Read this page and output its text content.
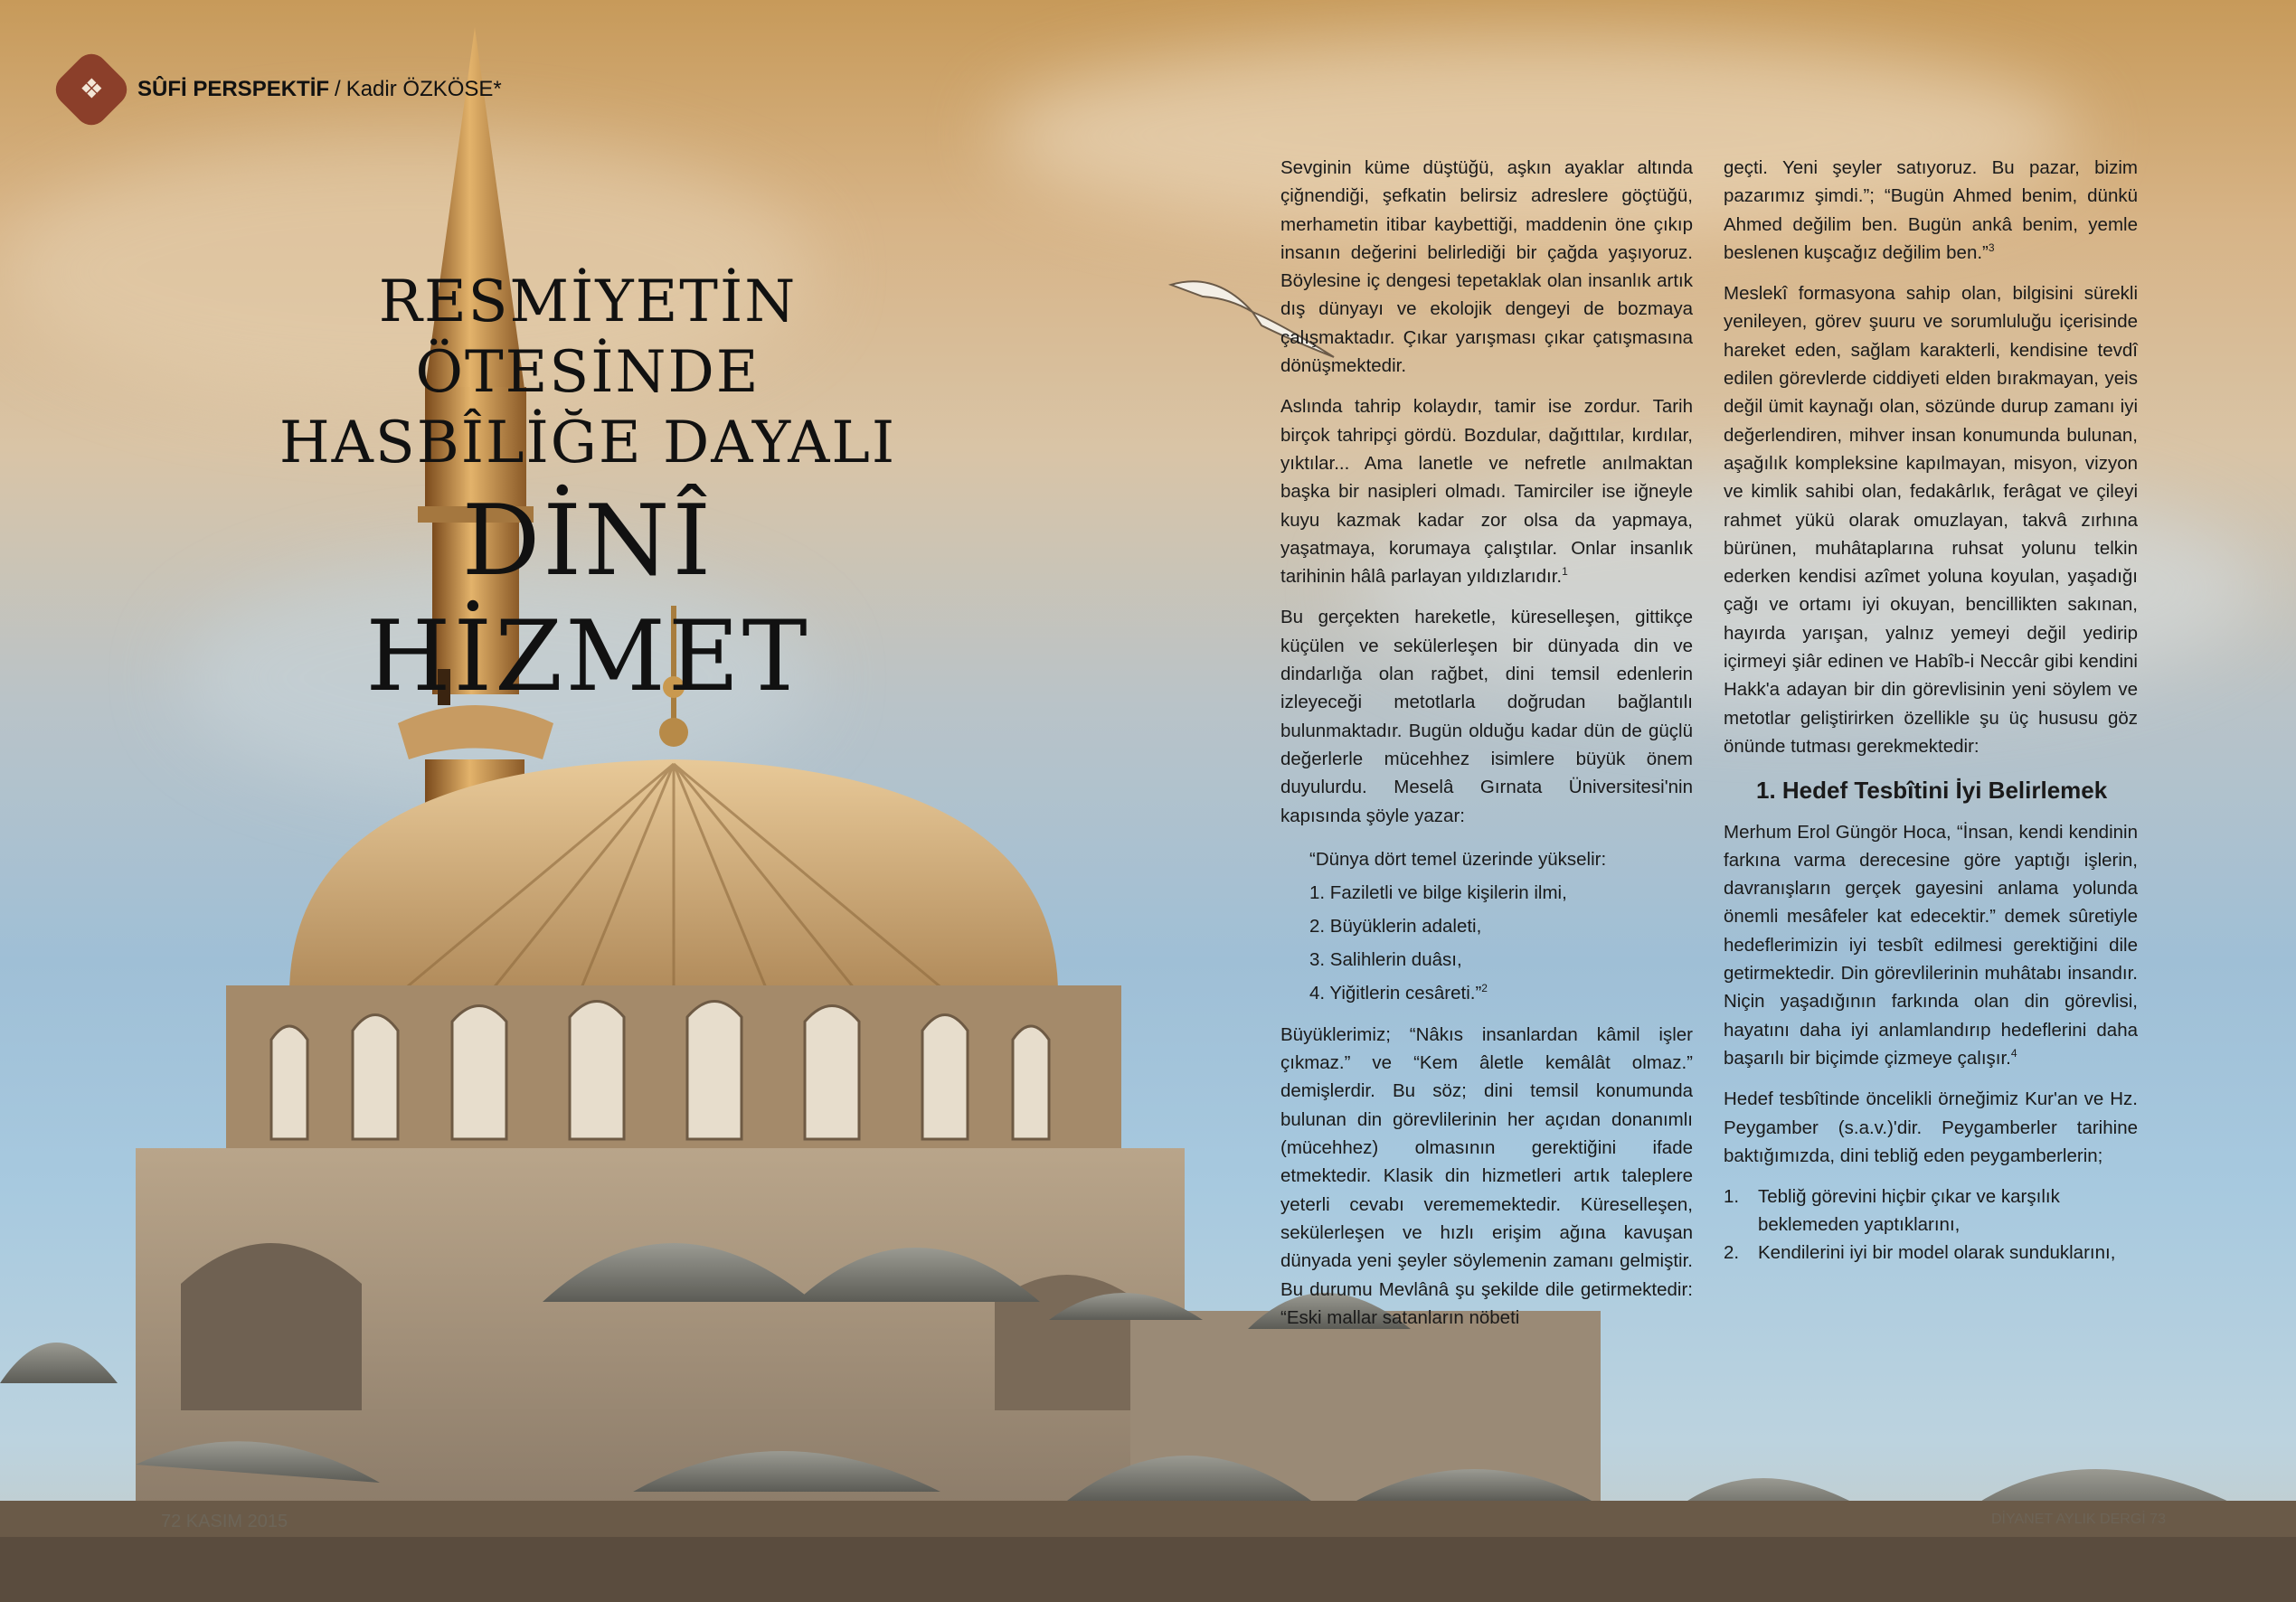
❖ SÛFİ PERSPEKTİF / Kadir ÖZKÖSE*
RESMİYETİN ÖTESİNDE
HASBÎLİĞE DAYALI
DİNÎ HİZMET

Sevginin küme düştüğü, aşkın ayaklar altında çiğnendiği, şefkatin belirsiz adreslere göçtüğü, merhametin itibar kaybettiği, maddenin öne çıkıp insanın değerini belirlediği bir çağda yaşıyoruz. Böylesine iç dengesi tepetaklak olan insanlık artık dış dünyayı ve ekolojik dengeyi de bozmaya çalışmaktadır. Çıkar yarışması çıkar çatışmasına dönüşmektedir.

Aslında tahrip kolaydır, tamir ise zordur. Tarih birçok tahripçi gördü. Bozdular, dağıttılar, kırdılar, yıktılar... Ama lanetle ve nefretle anılmaktan başka bir nasipleri olmadı. Tamirciler ise iğneyle kuyu kazmak kadar zor olsa da yapmaya, yaşatmaya, korumaya çalıştılar. Onlar insanlık tarihinin hâlâ parlayan yıldızlarıdır.$^1$

Bu gerçekten hareketle, küreselleşen, gittikçe küçülen ve sekülerleşen bir dünyada din ve dindarlığa olan rağbet, dini temsil edenlerin izleyeceği metotlarla doğrudan bağlantılı bulunmaktadır. Bugün olduğu kadar dün de güçlü değerlerle mücehhez isimlere büyük önem duyulurdu. Meselâ Gırnata Üniversitesi'nin kapısında şöyle yazar:

“Dünya dört temel üzerinde yükselir:
1. Faziletli ve bilge kişilerin ilmi,
2. Büyüklerin adaleti,
3. Salihlerin duâsı,
4. Yiğitlerin cesâreti.”$^2$

Büyüklerimiz; “Nâkıs insanlardan kâmil işler çıkmaz.” ve “Kem âletle kemâlât olmaz.” demişlerdir. Bu söz; dini temsil konumunda bulunan din görevlilerinin her açıdan donanımlı (mücehhez) olmasının gerektiğini ifade etmektedir. Klasik din hizmetleri artık taleplere yeterli cevabı verememektedir. Küreselleşen, sekülerleşen ve hızlı erişim ağına kavuşan dünyada yeni şeyler söylemenin zamanı gelmiştir. Bu durumu Mevlânâ şu şekilde dile getirmektedir: “Eski mallar satanların nöbeti

geçti. Yeni şeyler satıyoruz. Bu pazar, bizim pazarımız şimdi.”; “Bugün Ahmed benim, dünkü Ahmed değilim ben. Bugün ankâ benim, yemle beslenen kuşcağız değilim ben.”$^3$

Meslekî formasyona sahip olan, bilgisini sürekli yenileyen, görev şuuru ve sorumluluğu içerisinde hareket eden, sağlam karakterli, kendisine tevdî edilen görevlerde ciddiyeti elden bırakmayan, yeis değil ümit kaynağı olan, sözünde durup zamanı iyi değerlendiren, mihver insan konumunda bulunan, aşağılık kompleksine kapılmayan, misyon, vizyon ve kimlik sahibi olan, fedakârlık, ferâgat ve çileyi rahmet yükü olarak omuzlayan, takvâ zırhına bürünen, muhâtaplarına ruhsat yolunu telkin ederken kendisi azîmet yoluna koyulan, yaşadığı çağı ve ortamı iyi okuyan, bencillikten sakınan, hayırda yarışan, yalnız yemeyi değil yedirip içirmeyi şiâr edinen ve Habîb-i Neccâr gibi kendini Hakk'a adayan bir din görevlisinin yeni söylem ve metotlar geliştirirken özellikle şu üç hususu göz önünde tutması gerekmektedir:

1. Hedef Tesbîtini İyi Belirlemek

Merhum Erol Güngör Hoca, “İnsan, kendi kendinin farkına varma derecesine göre yaptığı işlerin, davranışların gerçek gayesini anlama yolunda önemli mesâfeler kat edecektir.” demek sûretiyle hedeflerimizin iyi tesbît edilmesi gerektiğini dile getirmektedir. Din görevlilerinin muhâtabı insandır. Niçin yaşadığının farkında olan din görevlisi, hayatını daha iyi anlamlandırıp hedeflerini daha başarılı bir biçimde çizmeye çalışır.$^4$

Hedef tesbîtinde öncelikli örneğimiz Kur'an ve Hz. Peygamber (s.a.v.)'dir. Peygamberler tarihine baktığımızda, dini tebliğ eden peygamberlerin;

1.	Tebliğ görevini hiçbir çıkar ve karşılık beklemeden yaptıklarını,
2.	Kendilerini iyi bir model olarak sunduklarını,
72 KASIM 2015	DİYANET AYLIK DERGİ 73
